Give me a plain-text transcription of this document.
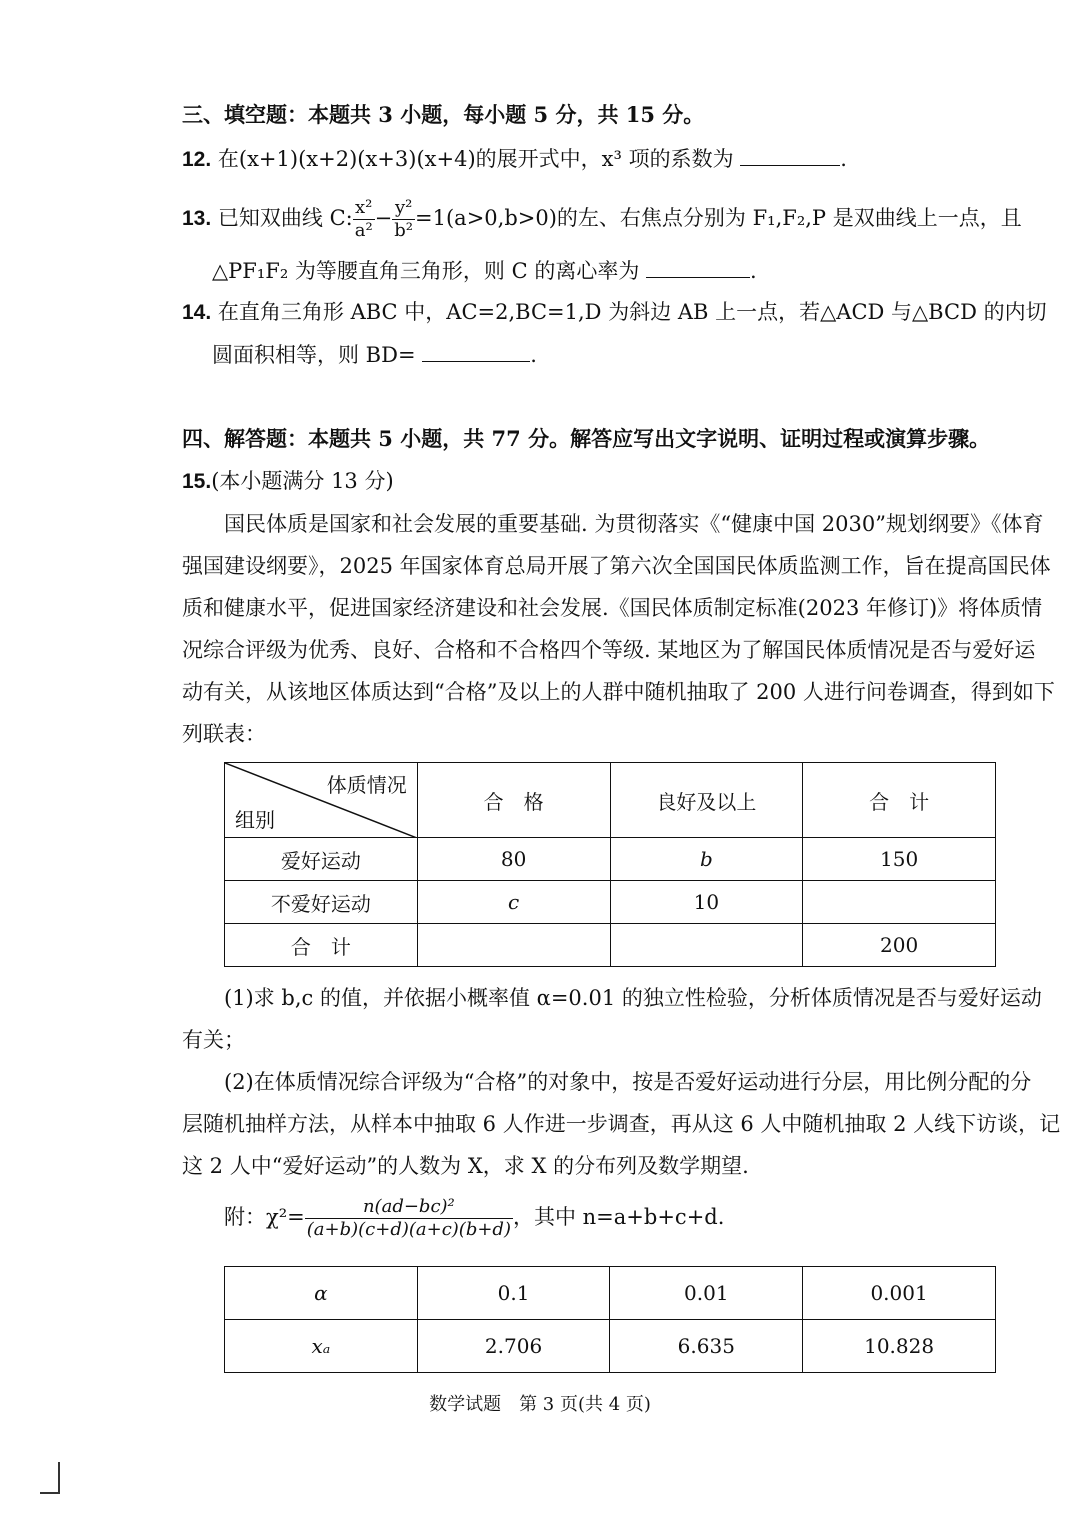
三、填空题：本题共 3 小题，每小题 5 分，共 15 分。
12. 在(x+1)(x+2)(x+3)(x+4)的展开式中，x³ 项的系数为	.
13. 已知双曲线 C: $\frac{\text{x²}}{\text{a²}} - \frac{\text{y²}}{\text{b²}} =1(a>0,b>0)$的左、右焦点分别为 F₁,F₂,P 是双曲线上一点，且
△PF₁F₂ 为等腰直角三角形，则 C 的离心率为	.
14. 在直角三角形 ABC 中，AC=2,BC=1,D 为斜边 AB 上一点，若△ACD 与△BCD 的内切
圆面积相等，则 BD=	.
四、解答题：本题共 5 小题，共 77 分。解答应写出文字说明、证明过程或演算步骤。
15.(本小题满分 13 分)
国民体质是国家和社会发展的重要基础. 为贯彻落实《“健康中国 2030”规划纲要》《体育
强国建设纲要》，2025 年国家体育总局开展了第六次全国国民体质监测工作，旨在提高国民体
质和健康水平，促进国家经济建设和社会发展.《国民体质制定标准(2023 年修订)》将体质情
况综合评级为优秀、良好、合格和不合格四个等级. 某地区为了解国民体质情况是否与爱好运
动有关，从该地区体质达到“合格”及以上的人群中随机抽取了 200 人进行问卷调查，得到如下
列联表：
体质情况
组别	合　格	良好及以上	合　计
爱好运动	80	b	150
不爱好运动	c	10	
合　计			200
(1)求 b,c 的值，并依据小概率值 α=0.01 的独立性检验，分析体质情况是否与爱好运动
有关；
(2)在体质情况综合评级为“合格”的对象中，按是否爱好运动进行分层，用比例分配的分
层随机抽样方法，从样本中抽取 6 人作进一步调查，再从这 6 人中随机抽取 2 人线下访谈，记
这 2 人中“爱好运动”的人数为 X，求 X 的分布列及数学期望.
附：$\chi^2= \frac{\text{n(ad−bc)²}}{(a+b)(c+d)(a+c)(b+d)}$ ，其中 n=a+b+c+d.
α	0.1	0.01	0.001
xₐ	2.706	6.635	10.828
数学试题　第 3 页(共 4 页)
